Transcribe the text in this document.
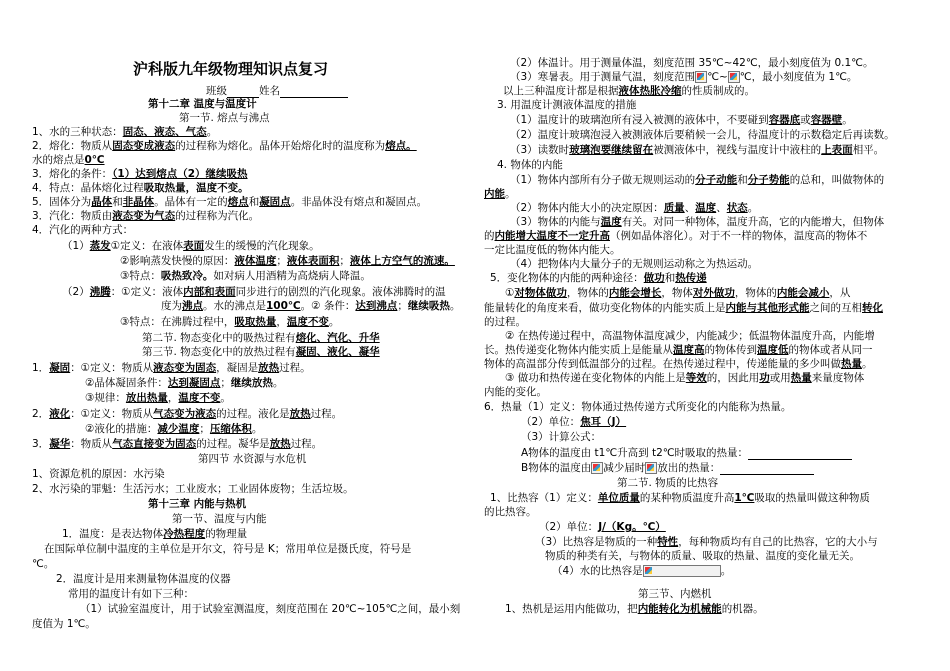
沪科版九年级物理知识点复习
班级	姓名
第十二章 温度与温度计
第一节. 熔点与沸点
1、水的三种状态：固态、液态、气态。
2．熔化：物质从固态变成液态的过程称为熔化。晶体开始熔化时的温度称为熔点。
水的熔点是0℃
3．熔化的条件：（1）达到熔点（2）继续吸热
4．特点：晶体熔化过程吸取热量，温度不变。
5．固体分为晶体和非晶体。晶体有一定的熔点和凝固点。非晶体没有熔点和凝固点。
3．汽化：物质由液态变为气态的过程称为汽化。
4．汽化的两种方式：
（1）蒸发①定义：在液体表面发生的缓慢的汽化现象。
②影响蒸发快慢的原因：液体温度；液体表面积；液体上方空气的流速。
③特点：吸热致冷。如对病人用酒精为高烧病人降温。
（2）沸腾：①定义：液体内部和表面同步进行的剧烈的汽化现象。液体沸腾时的温
度为沸点。水的沸点是100℃。② 条件：达到沸点；继续吸热。
③特点：在沸腾过程中，吸取热量，温度不变。
第二节. 物态变化中的吸热过程有熔化、汽化、升华
第三节. 物态变化中的放热过程有凝固、液化、凝华
1．凝固：①定义：物质从液态变为固态，凝固是放热过程。
②晶体凝固条件：达到凝固点；继续放热。
③规律：放出热量，温度不变。
2．液化：①定义：物质从气态变为液态的过程。液化是放热过程。
②液化的措施：减少温度；压缩体积。
3．凝华：物质从气态直接变为固态的过程。凝华是放热过程。
第四节 水资源与水危机
1、资源危机的原因：水污染
2、水污染的罪魁：生活污水；工业废水；工业固体废物；生活垃圾。
第十三章 内能与热机
第一节、温度与内能
1．温度：是表达物体冷热程度的物理量
在国际单位制中温度的主单位是开尔文，符号是 K；常用单位是摄氏度，符号是
℃。
2．温度计是用来测量物体温度的仪器
常用的温度计有如下三种：
（1）试验室温度计，用于试验室测温度，刻度范围在 20℃~105℃之间，最小刻
度值为 1℃。
（2）体温计。用于测量体温，刻度范围 35℃~42℃，最小刻度值为 0.1℃。
（3）寒暑表。用于测量气温，刻度范围 ℃~ ℃，最小刻度值为 1℃。
以上三种温度计都是根据液体热胀冷缩的性质制成的。
3. 用温度计测液体温度的措施
（1）温度计的玻璃泡所有浸入被测的液体中，不要碰到容器底或容器壁。
（2）温度计玻璃泡浸入被测液体后要稍候一会儿，待温度计的示数稳定后再读数。
（3）读数时玻璃泡要继续留在被测液体中，视线与温度计中液柱的上表面相平。
4. 物体的内能
（1）物体内部所有分子做无规则运动的分子动能和分子势能的总和，叫做物体的
内能。
（2）物体内能大小的决定原因：质量、温度、状态。
（3）物体的内能与温度有关。对同一种物体，温度升高，它的内能增大，但物体
的内能增大温度不一定升高（例如晶体溶化）。对于不一样的物体，温度高的物体不
一定比温度低的物体内能大。
（4）把物体内大量分子的无规则运动称之为热运动。
5．变化物体的内能的两种途径：做功和热传递
①对物体做功，物体的内能会增长，物体对外做功，物体的内能会减小，从
能量转化的角度来看，做功变化物体的内能实质上是内能与其他形式能之间的互相转化
的过程。
② 在热传递过程中，高温物体温度减少，内能减少；低温物体温度升高，内能增
长。热传递变化物体内能实质上是能量从温度高的物体传到温度低的物体或者从同一
物体的高温部分传到低温部分的过程。在热传递过程中，传递能量的多少叫做热量。
③ 做功和热传递在变化物体的内能上是等效的，因此用功或用热量来量度物体
内能的变化。
6．热量（1）定义：物体通过热传递方式所变化的内能称为热量。
（2）单位：焦耳（J）
（3）计算公式：
A物体的温度由 t1℃升高到 t2℃时吸取的热量：
B物体的温度由 减少届时 放出的热量：
第二节. 物质的比热容
1、比热容（1）定义：单位质量的某种物质温度升高1℃吸取的热量叫做这种物质
的比热容。
（2）单位：J/（Kg。℃）
（3）比热容是物质的一种特性，每种物质均有自己的比热容，它的大小与
物质的种类有关，与物体的质量、吸取的热量、温度的变化量无关。
（4）水的比热容是	。
第三节、内燃机
1、热机是运用内能做功，把内能转化为机械能的机器。
